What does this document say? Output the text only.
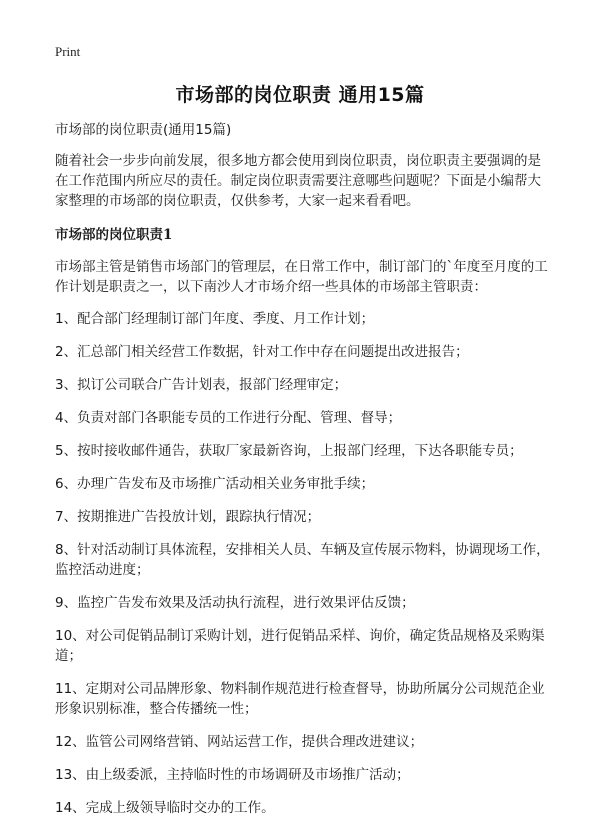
Print
市场部的岗位职责 通用15篇

市场部的岗位职责(通用15篇)

随着社会一步步向前发展，很多地方都会使用到岗位职责，岗位职责主要强调的是在工作范围内所应尽的责任。制定岗位职责需要注意哪些问题呢？下面是小编帮大家整理的市场部的岗位职责，仅供参考，大家一起来看看吧。

市场部的岗位职责1

市场部主管是销售市场部门的管理层，在日常工作中，制订部门的`年度至月度的工作计划是职责之一，以下南沙人才市场介绍一些具体的市场部主管职责：

1、配合部门经理制订部门年度、季度、月工作计划；

2、汇总部门相关经营工作数据，针对工作中存在问题提出改进报告；

3、拟订公司联合广告计划表，报部门经理审定；

4、负责对部门各职能专员的工作进行分配、管理、督导；

5、按时接收邮件通告，获取厂家最新咨询，上报部门经理，下达各职能专员；

6、办理广告发布及市场推广活动相关业务审批手续；

7、按期推进广告投放计划，跟踪执行情况；

8、针对活动制订具体流程，安排相关人员、车辆及宣传展示物料，协调现场工作，监控活动进度；

9、监控广告发布效果及活动执行流程，进行效果评估反馈；

10、对公司促销品制订采购计划，进行促销品采样、询价，确定货品规格及采购渠道；

11、定期对公司品牌形象、物料制作规范进行检查督导，协助所属分公司规范企业形象识别标准，整合传播统一性；

12、监管公司网络营销、网站运营工作，提供合理改进建议；

13、由上级委派，主持临时性的市场调研及市场推广活动；

14、完成上级领导临时交办的工作。
